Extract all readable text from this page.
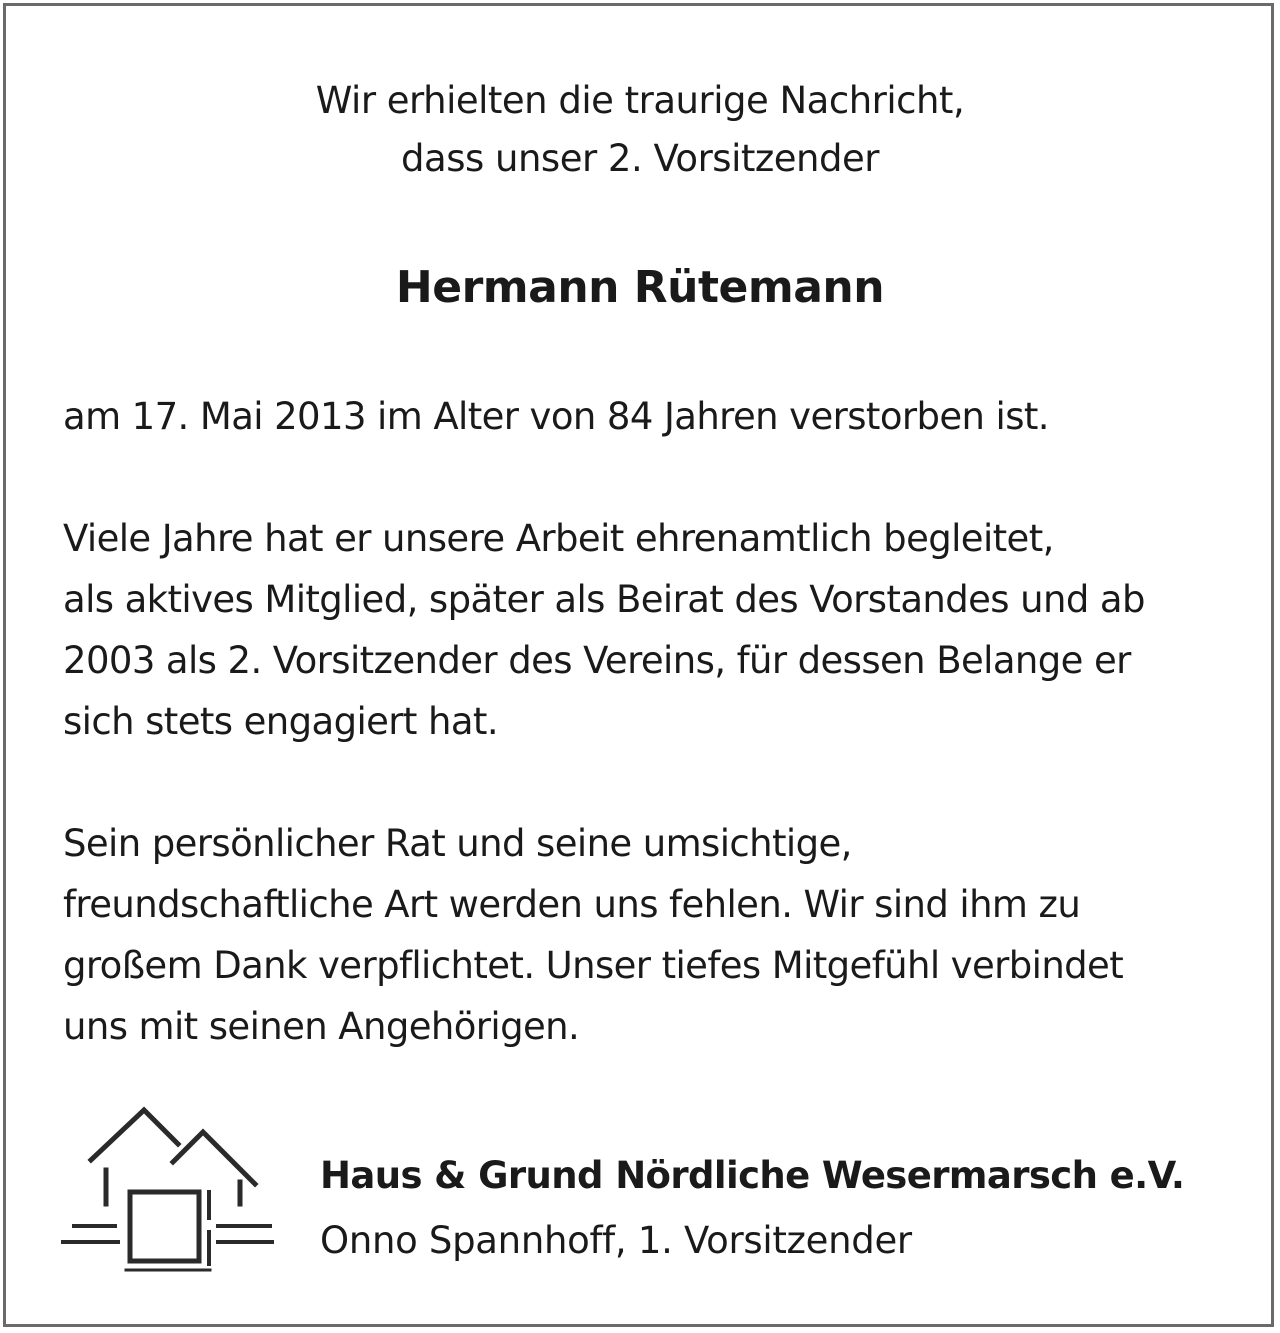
Wir erhielten die traurige Nachricht,
dass unser 2. Vorsitzender
Hermann Rütemann
am 17. Mai 2013 im Alter von 84 Jahren verstorben ist.
Viele Jahre hat er unsere Arbeit ehrenamtlich begleitet,
als aktives Mitglied, später als Beirat des Vorstandes und ab
2003 als 2. Vorsitzender des Vereins, für dessen Belange er
sich stets engagiert hat.
Sein persönlicher Rat und seine umsichtige,
freundschaftliche Art werden uns fehlen. Wir sind ihm zu
großem Dank verpflichtet. Unser tiefes Mitgefühl verbindet
uns mit seinen Angehörigen.
Haus & Grund Nördliche Wesermarsch e.V.
Onno Spannhoff, 1. Vorsitzender
